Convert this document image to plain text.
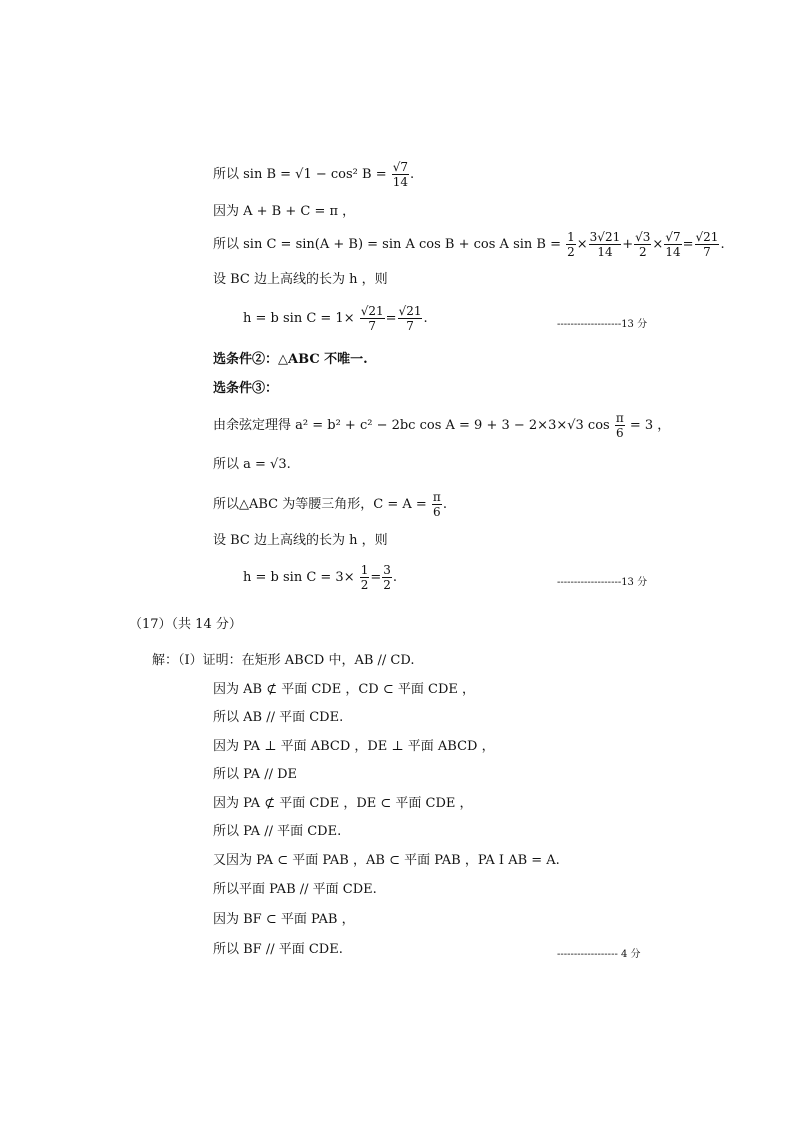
所以 sin B = √1 − cos² $B = \frac{√7}{14}$ .
因为 A + B + C = π ，
所以 sin C = sin(A + B) = sin A cos B + cos A $\sin B = \frac{1}{2} \times \frac{3√21}{14} + \frac{√3}{2} \times \frac{√7}{14} = \frac{√21}{7}$ .
设 BC 边上高线的长为 h ，则
h = b $\sin C = 1\times \frac{√21}{7} = \frac{√21}{7}$ .	-------------------13 分
选条件②：△ABC 不唯一.
选条件③：
由余弦定理得 a² = b² + c² − 2bc cos A = 9 + 3 − 2×3×√3 $\cos \frac{\pi}{6} = 3$ ，
所以 a = √3.
所以△ABC 为等腰三角形，$C = A = \frac{\pi}{6}$ .
设 BC 边上高线的长为 h ，则
h = b $\sin C = 3\times \frac{1}{2} = \frac{3}{2}$ .	-------------------13 分
（17）（共 14 分）
解：（Ⅰ）证明：在矩形 ABCD 中，AB // CD.
因为 AB ⊄ 平面 CDE ，CD ⊂ 平面 CDE ，
所以 AB // 平面 CDE.
因为 PA ⊥ 平面 ABCD ，DE ⊥ 平面 ABCD ，
所以 PA // DE
因为 PA ⊄ 平面 CDE ，DE ⊂ 平面 CDE ，
所以 PA // 平面 CDE.
又因为 PA ⊂ 平面 PAB ，AB ⊂ 平面 PAB ，PA I AB = A.
所以平面 PAB // 平面 CDE.
因为 BF ⊂ 平面 PAB ，
所以 BF // 平面 CDE.	------------------ 4 分
